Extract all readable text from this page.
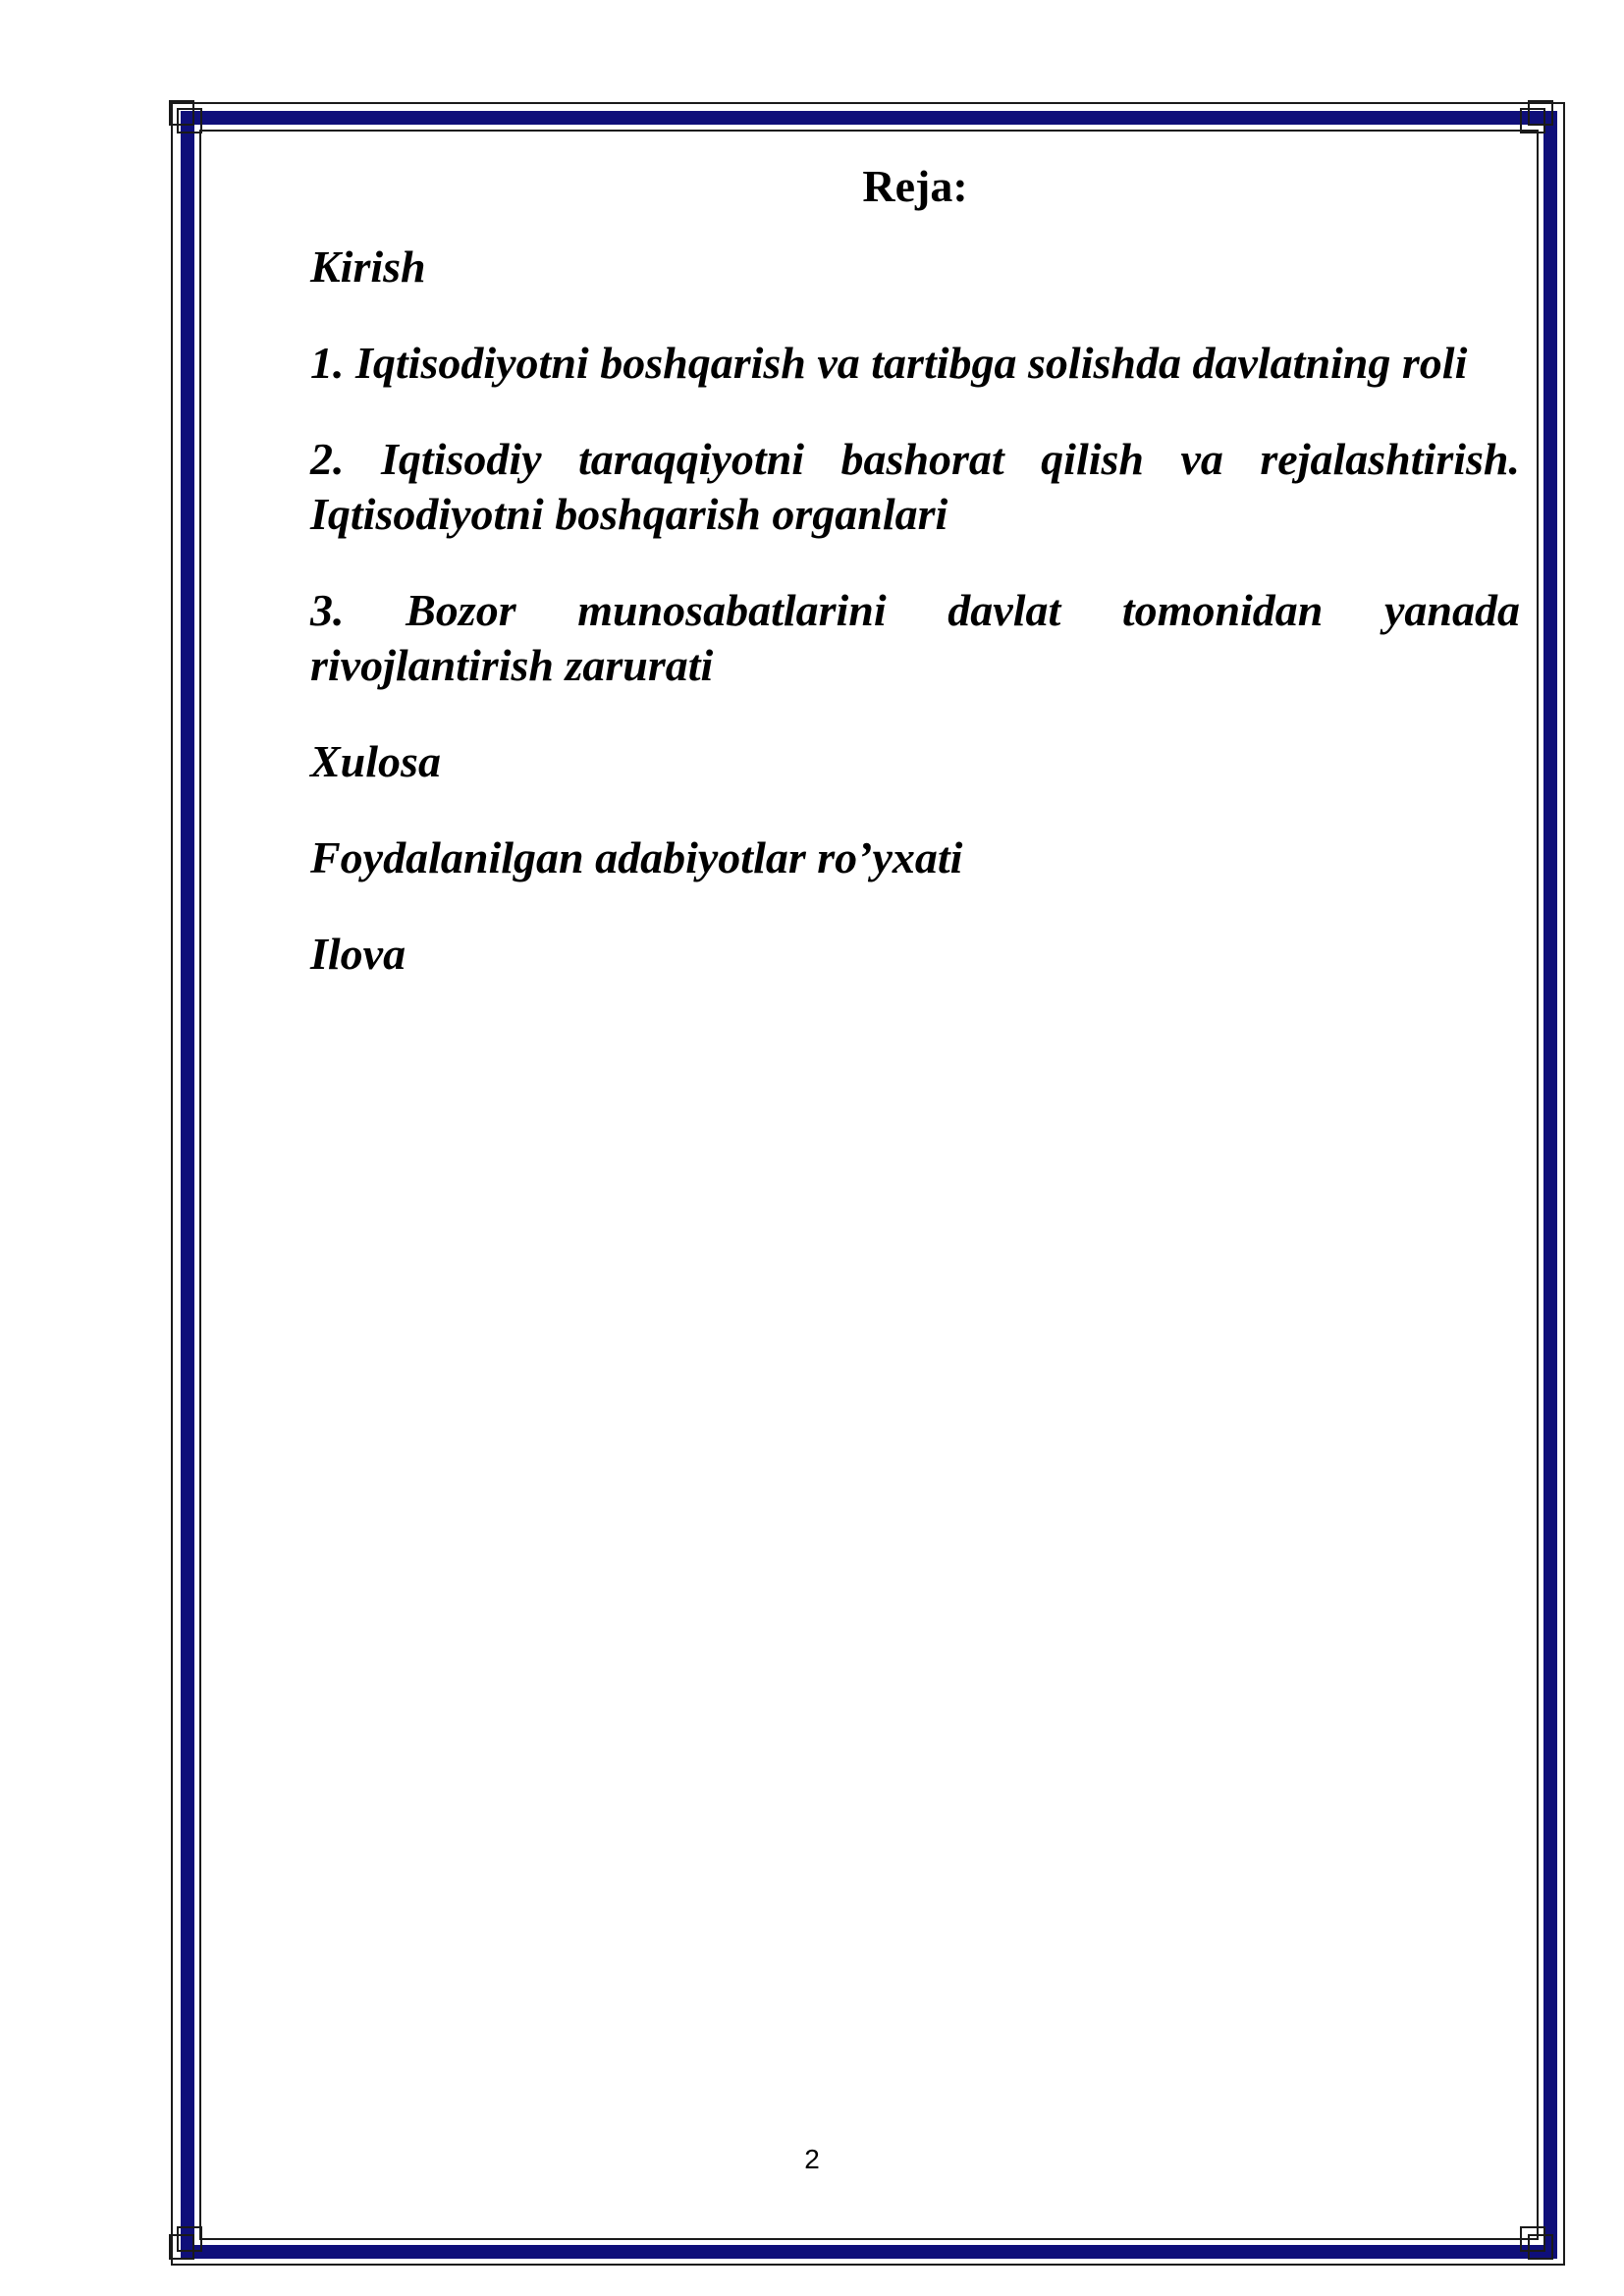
Reja:
Kirish
1. Iqtisodiyotni boshqarish va tartibga solishda davlatning roli
2. Iqtisodiy taraqqiyotni bashorat qilish va rejalashtirish. Iqtisodiyotni boshqarish organlari
3. Bozor munosabatlarini davlat tomonidan yanada rivojlantirish zarurati
Xulosa
Foydalanilgan adabiyotlar ro’yxati
Ilova
2
